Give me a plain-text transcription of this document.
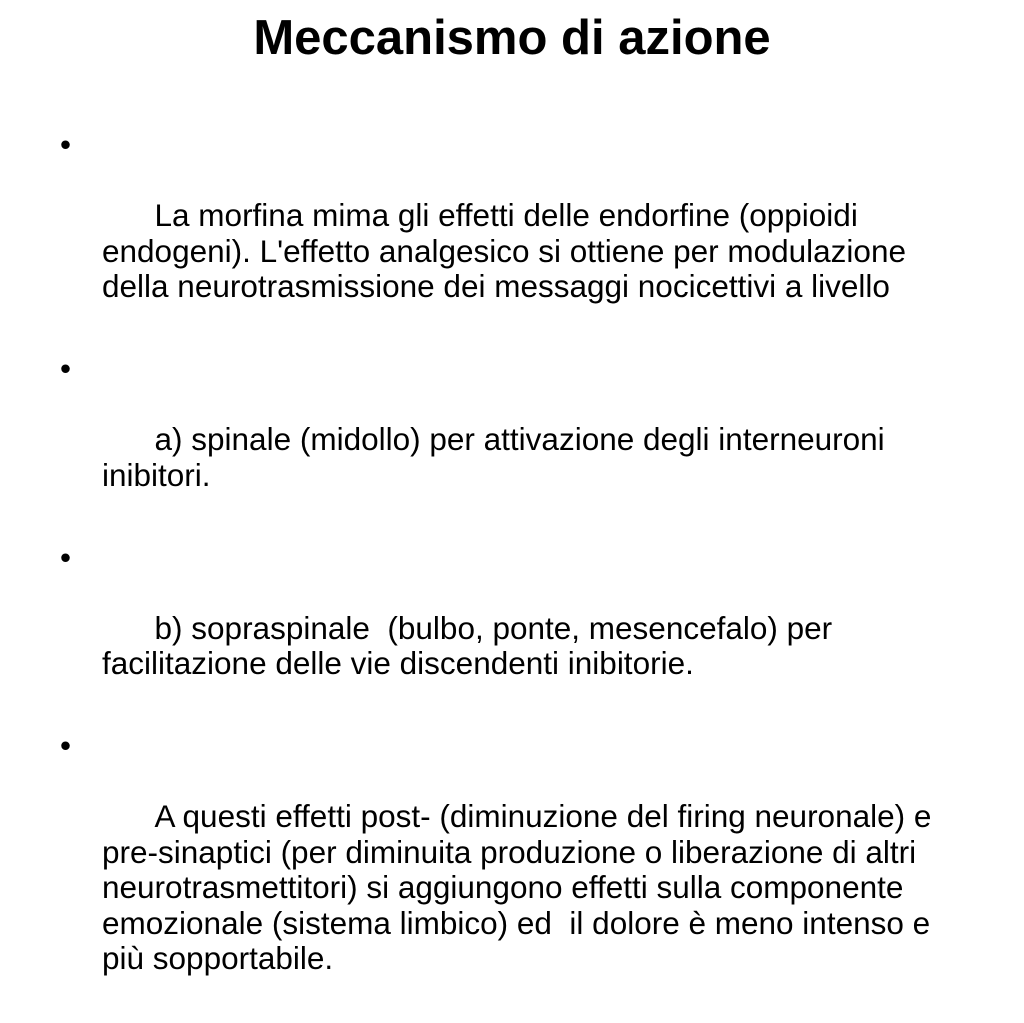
Meccanismo di azione

•

La morfina mima gli effetti delle endorfine (oppioidi endogeni). L'effetto analgesico si ottiene per modulazione della neurotrasmissione dei messaggi nocicettivi a livello

•

a) spinale (midollo) per attivazione degli interneuroni inibitori.

•

b) sopraspinale  (bulbo, ponte, mesencefalo) per facilitazione delle vie discendenti inibitorie.

•

A questi effetti post- (diminuzione del firing neuronale) e pre-sinaptici (per diminuita produzione o liberazione di altri neurotrasmettitori) si aggiungono effetti sulla componente emozionale (sistema limbico) ed  il dolore è meno intenso e più sopportabile.
